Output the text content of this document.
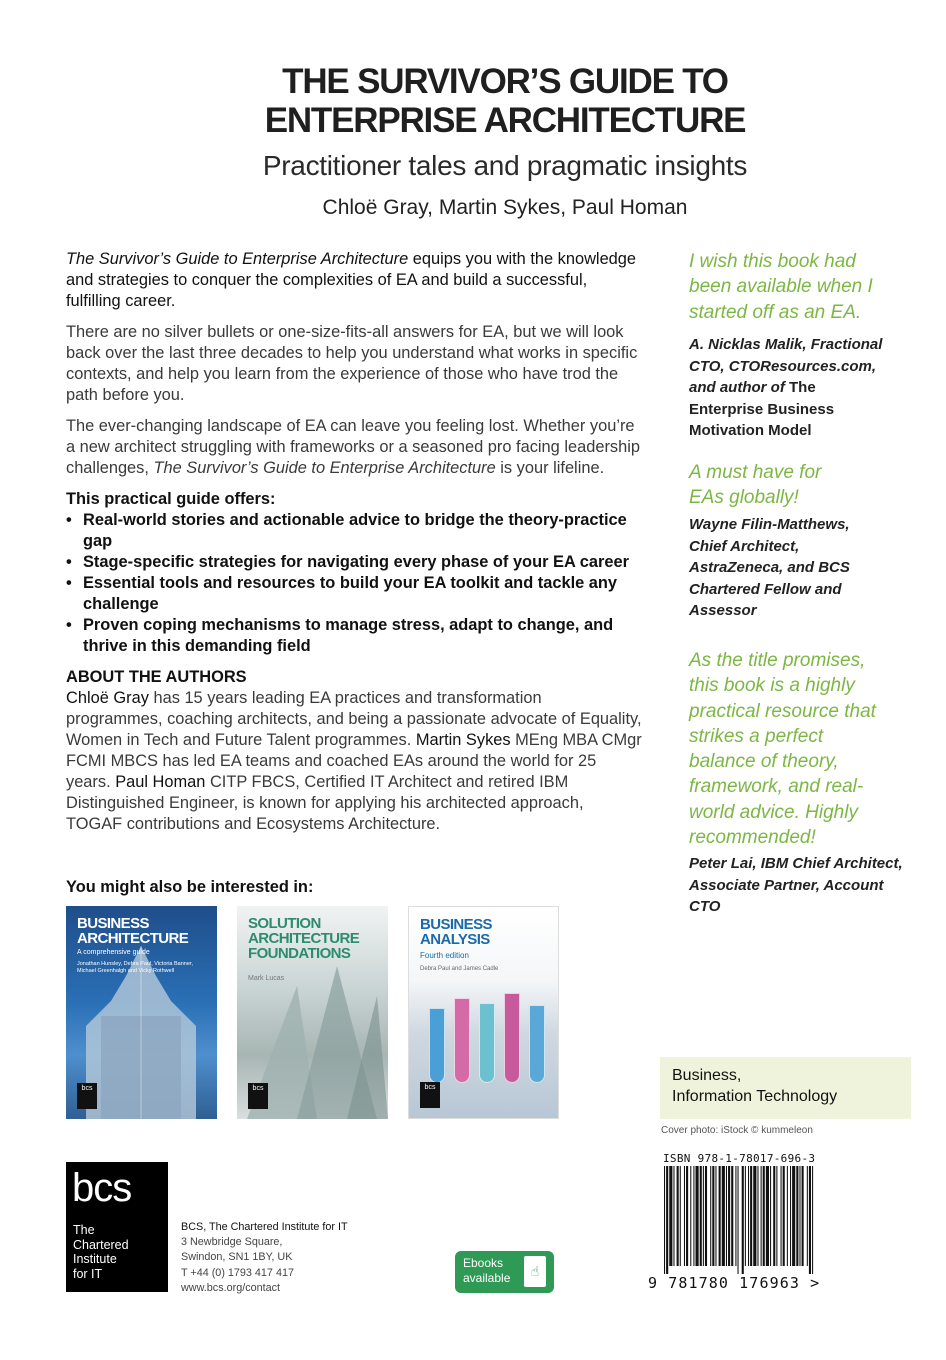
THE SURVIVOR’S GUIDE TO
ENTERPRISE ARCHITECTURE
Practitioner tales and pragmatic insights
Chloë Gray, Martin Sykes, Paul Homan

The Survivor’s Guide to Enterprise Architecture equips you with the knowledge and strategies to conquer the complexities of EA and build a successful, fulfilling career.

There are no silver bullets or one-size-fits-all answers for EA, but we will look back over the last three decades to help you understand what works in specific contexts, and help you learn from the experience of those who have trod the path before you.

The ever-changing landscape of EA can leave you feeling lost. Whether you’re a new architect struggling with frameworks or a seasoned pro facing leadership challenges, The Survivor’s Guide to Enterprise Architecture is your lifeline.

This practical guide offers:
• Real-world stories and actionable advice to bridge the theory-practice gap
• Stage-specific strategies for navigating every phase of your EA career
• Essential tools and resources to build your EA toolkit and tackle any challenge
• Proven coping mechanisms to manage stress, adapt to change, and thrive in this demanding field
ABOUT THE AUTHORS

Chloë Gray has 15 years leading EA practices and transformation programmes, coaching architects, and being a passionate advocate of Equality, Women in Tech and Future Talent programmes. Martin Sykes MEng MBA CMgr FCMI MBCS has led EA teams and coached EAs around the world for 25 years. Paul Homan CITP FBCS, Certified IT Architect and retired IBM Distinguished Engineer, is known for applying his architected approach, TOGAF contributions and Ecosystems Architecture.

You might also be interested in:
BUSINESS ARCHITECTURE
A comprehensive guide
Jonathan Hunsley, Debra Paul, Victoria Banner, Michael Greenhalgh and Vicky Rothwell
bcs
SOLUTION ARCHITECTURE FOUNDATIONS
Mark Lucas
bcs
BUSINESS ANALYSIS
Fourth edition
Debra Paul and James Cadle
bcs
bcs
The
Chartered
Institute
for IT
BCS, The Chartered Institute for IT
3 Newbridge Square,
Swindon, SN1 1BY, UK
T +44 (0) 1793 417 417
www.bcs.org/contact
Ebooks
available	☝
I wish this book had been available when I started off as an EA.
A. Nicklas Malik, Fractional CTO, CTOResources.com, and author of The Enterprise Business Motivation Model
A must have for EAs globally!
Wayne Filin-Matthews, Chief Architect, AstraZeneca, and BCS Chartered Fellow and Assessor
As the title promises, this book is a highly practical resource that strikes a perfect balance of theory, framework, and real-world advice. Highly recommended!
Peter Lai, IBM Chief Architect, Associate Partner, Account CTO
Business,
Information Technology
Cover photo: iStock © kummeleon
ISBN 978-1-78017-696-3
9 781780 176963 >
